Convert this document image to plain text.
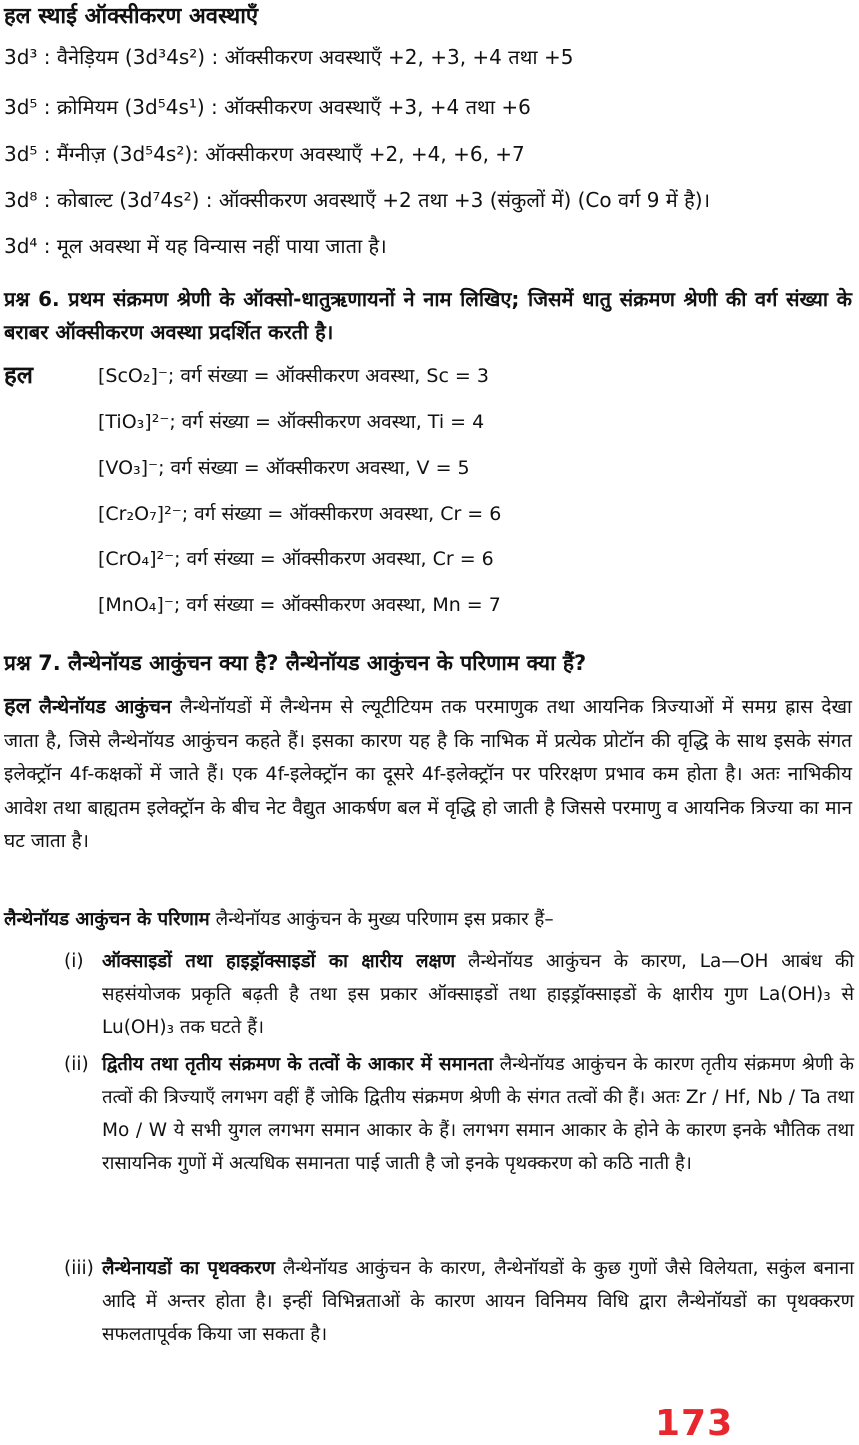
हल स्थाई ऑक्सीकरण अवस्थाएँ
3d³ : वैनेड़ियम (3d³4s²) : ऑक्सीकरण अवस्थाएँ +2, +3, +4 तथा +5
3d⁵ : क्रोमियम (3d⁵4s¹) : ऑक्सीकरण अवस्थाएँ +3, +4 तथा +6
3d⁵ : मैंग्नीज़ (3d⁵4s²): ऑक्सीकरण अवस्थाएँ +2, +4, +6, +7
3d⁸ : कोबाल्ट (3d⁷4s²) : ऑक्सीकरण अवस्थाएँ +2 तथा +3 (संकुलों में) (Co वर्ग 9 में है)।
3d⁴ : मूल अवस्था में यह विन्यास नहीं पाया जाता है।
प्रश्न 6. प्रथम संक्रमण श्रेणी के ऑक्सो-धातुऋणायनों ने नाम लिखिए; जिसमें धातु संक्रमण श्रेणी की वर्ग संख्या के बराबर ऑक्सीकरण अवस्था प्रदर्शित करती है।
हल	[ScO₂]⁻; वर्ग संख्या = ऑक्सीकरण अवस्था, Sc = 3
[TiO₃]²⁻; वर्ग संख्या = ऑक्सीकरण अवस्था, Ti = 4
[VO₃]⁻; वर्ग संख्या = ऑक्सीकरण अवस्था, V = 5
[Cr₂O₇]²⁻; वर्ग संख्या = ऑक्सीकरण अवस्था, Cr = 6
[CrO₄]²⁻; वर्ग संख्या = ऑक्सीकरण अवस्था, Cr = 6
[MnO₄]⁻; वर्ग संख्या = ऑक्सीकरण अवस्था, Mn = 7
प्रश्न 7. लैन्थेनॉयड आकुंचन क्या है? लैन्थेनॉयड आकुंचन के परिणाम क्या हैं?
हल लैन्थेनॉयड आकुंचन लैन्थेनॉयडों में लैन्थेनम से ल्यूटीटियम तक परमाणुक तथा आयनिक त्रिज्याओं में समग्र ह्रास देखा जाता है, जिसे लैन्थेनॉयड आकुंचन कहते हैं। इसका कारण यह है कि नाभिक में प्रत्येक प्रोटॉन की वृद्धि के साथ इसके संगत इलेक्ट्रॉन 4f-कक्षकों में जाते हैं। एक 4f-इलेक्ट्रॉन का दूसरे 4f-इलेक्ट्रॉन पर परिरक्षण प्रभाव कम होता है। अतः नाभिकीय आवेश तथा बाह्यतम इलेक्ट्रॉन के बीच नेट वैद्युत आकर्षण बल में वृद्धि हो जाती है जिससे परमाणु व आयनिक त्रिज्या का मान घट जाता है।
लैन्थेनॉयड आकुंचन के परिणाम लैन्थेनॉयड आकुंचन के मुख्य परिणाम इस प्रकार हैं–
(i) ऑक्साइडों तथा हाइड्रॉक्साइडों का क्षारीय लक्षण लैन्थेनॉयड आकुंचन के कारण, La—OH आबंध की सहसंयोजक प्रकृति बढ़ती है तथा इस प्रकार ऑक्साइडों तथा हाइड्रॉक्साइडों के क्षारीय गुण La(OH)₃ से Lu(OH)₃ तक घटते हैं।
(ii) द्वितीय तथा तृतीय संक्रमण के तत्वों के आकार में समानता लैन्थेनॉयड आकुंचन के कारण तृतीय संक्रमण श्रेणी के तत्वों की त्रिज्याएँ लगभग वहीं हैं जोकि द्वितीय संक्रमण श्रेणी के संगत तत्वों की हैं। अतः Zr / Hf, Nb / Ta तथा Mo / W ये सभी युगल लगभग समान आकार के हैं। लगभग समान आकार के होने के कारण इनके भौतिक तथा रासायनिक गुणों में अत्यधिक समानता पाई जाती है जो इनके पृथक्करण को कठि नाती है।
(iii) लैन्थेनायडों का पृथक्करण लैन्थेनॉयड आकुंचन के कारण, लैन्थेनॉयडों के कुछ गुणों जैसे विलेयता, सकुंल बनाना आदि में अन्तर होता है। इन्हीं विभिन्नताओं के कारण आयन विनिमय विधि द्वारा लैन्थेनॉयडों का पृथक्करण सफलतापूर्वक किया जा सकता है।
173
